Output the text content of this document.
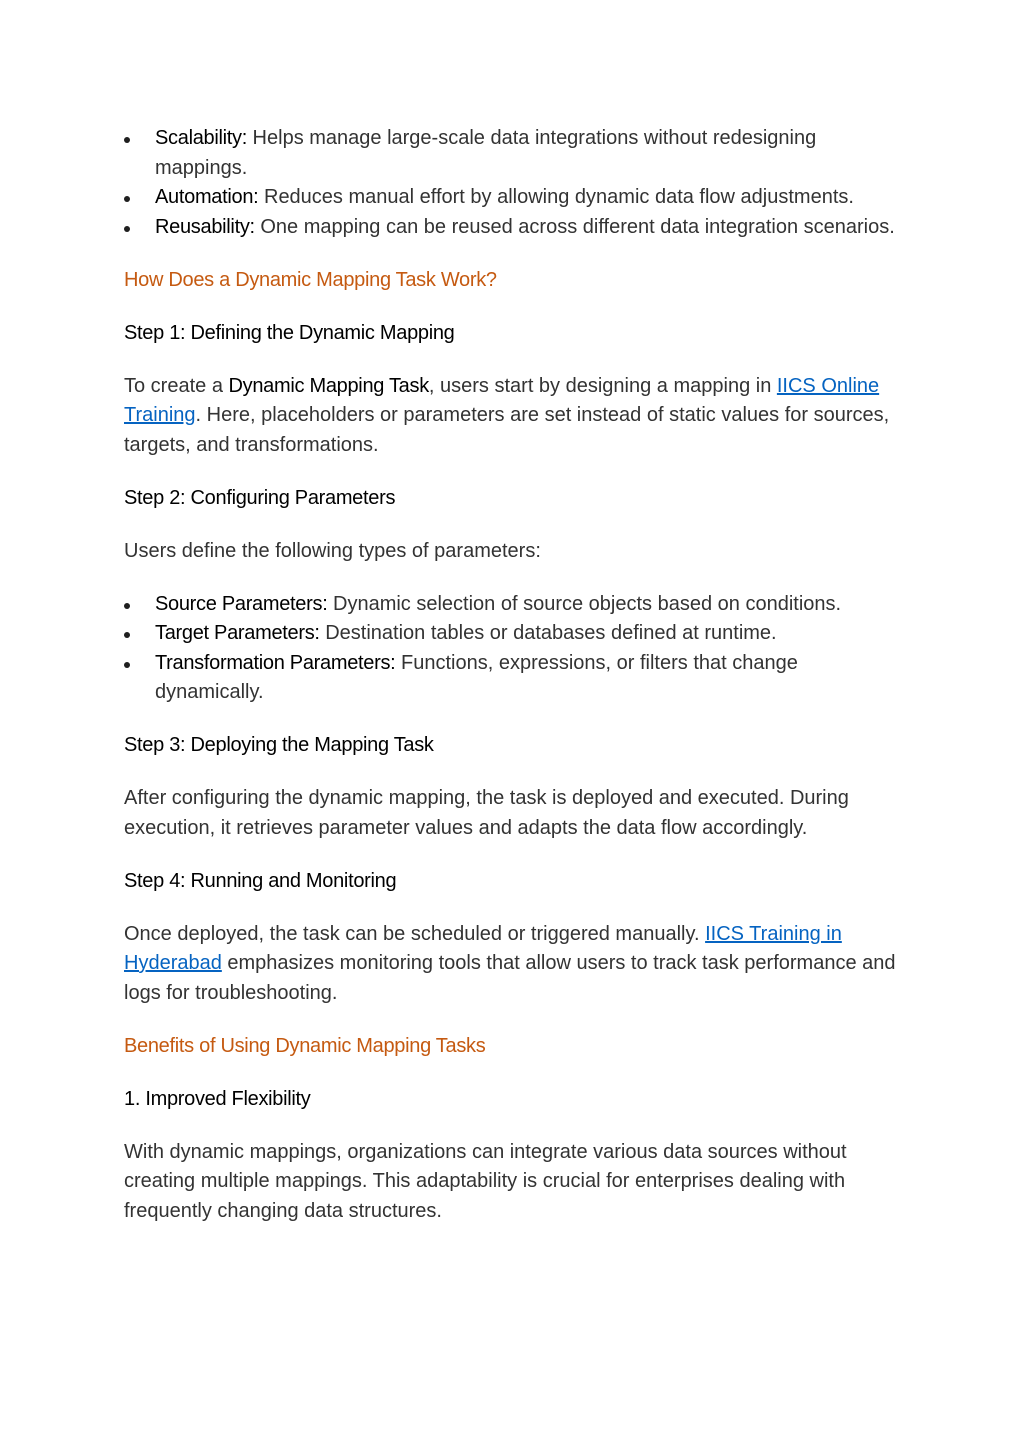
Scalability: Helps manage large-scale data integrations without redesigning mappings.
Automation: Reduces manual effort by allowing dynamic data flow adjustments.
Reusability: One mapping can be reused across different data integration scenarios.
How Does a Dynamic Mapping Task Work?
Step 1: Defining the Dynamic Mapping

To create a Dynamic Mapping Task, users start by designing a mapping in IICS Online Training. Here, placeholders or parameters are set instead of static values for sources, targets, and transformations.

Step 2: Configuring Parameters

Users define the following types of parameters:

Source Parameters: Dynamic selection of source objects based on conditions.
Target Parameters: Destination tables or databases defined at runtime.
Transformation Parameters: Functions, expressions, or filters that change dynamically.
Step 3: Deploying the Mapping Task

After configuring the dynamic mapping, the task is deployed and executed. During execution, it retrieves parameter values and adapts the data flow accordingly.

Step 4: Running and Monitoring

Once deployed, the task can be scheduled or triggered manually. IICS Training in Hyderabad emphasizes monitoring tools that allow users to track task performance and logs for troubleshooting.

Benefits of Using Dynamic Mapping Tasks
1. Improved Flexibility

With dynamic mappings, organizations can integrate various data sources without creating multiple mappings. This adaptability is crucial for enterprises dealing with frequently changing data structures.
